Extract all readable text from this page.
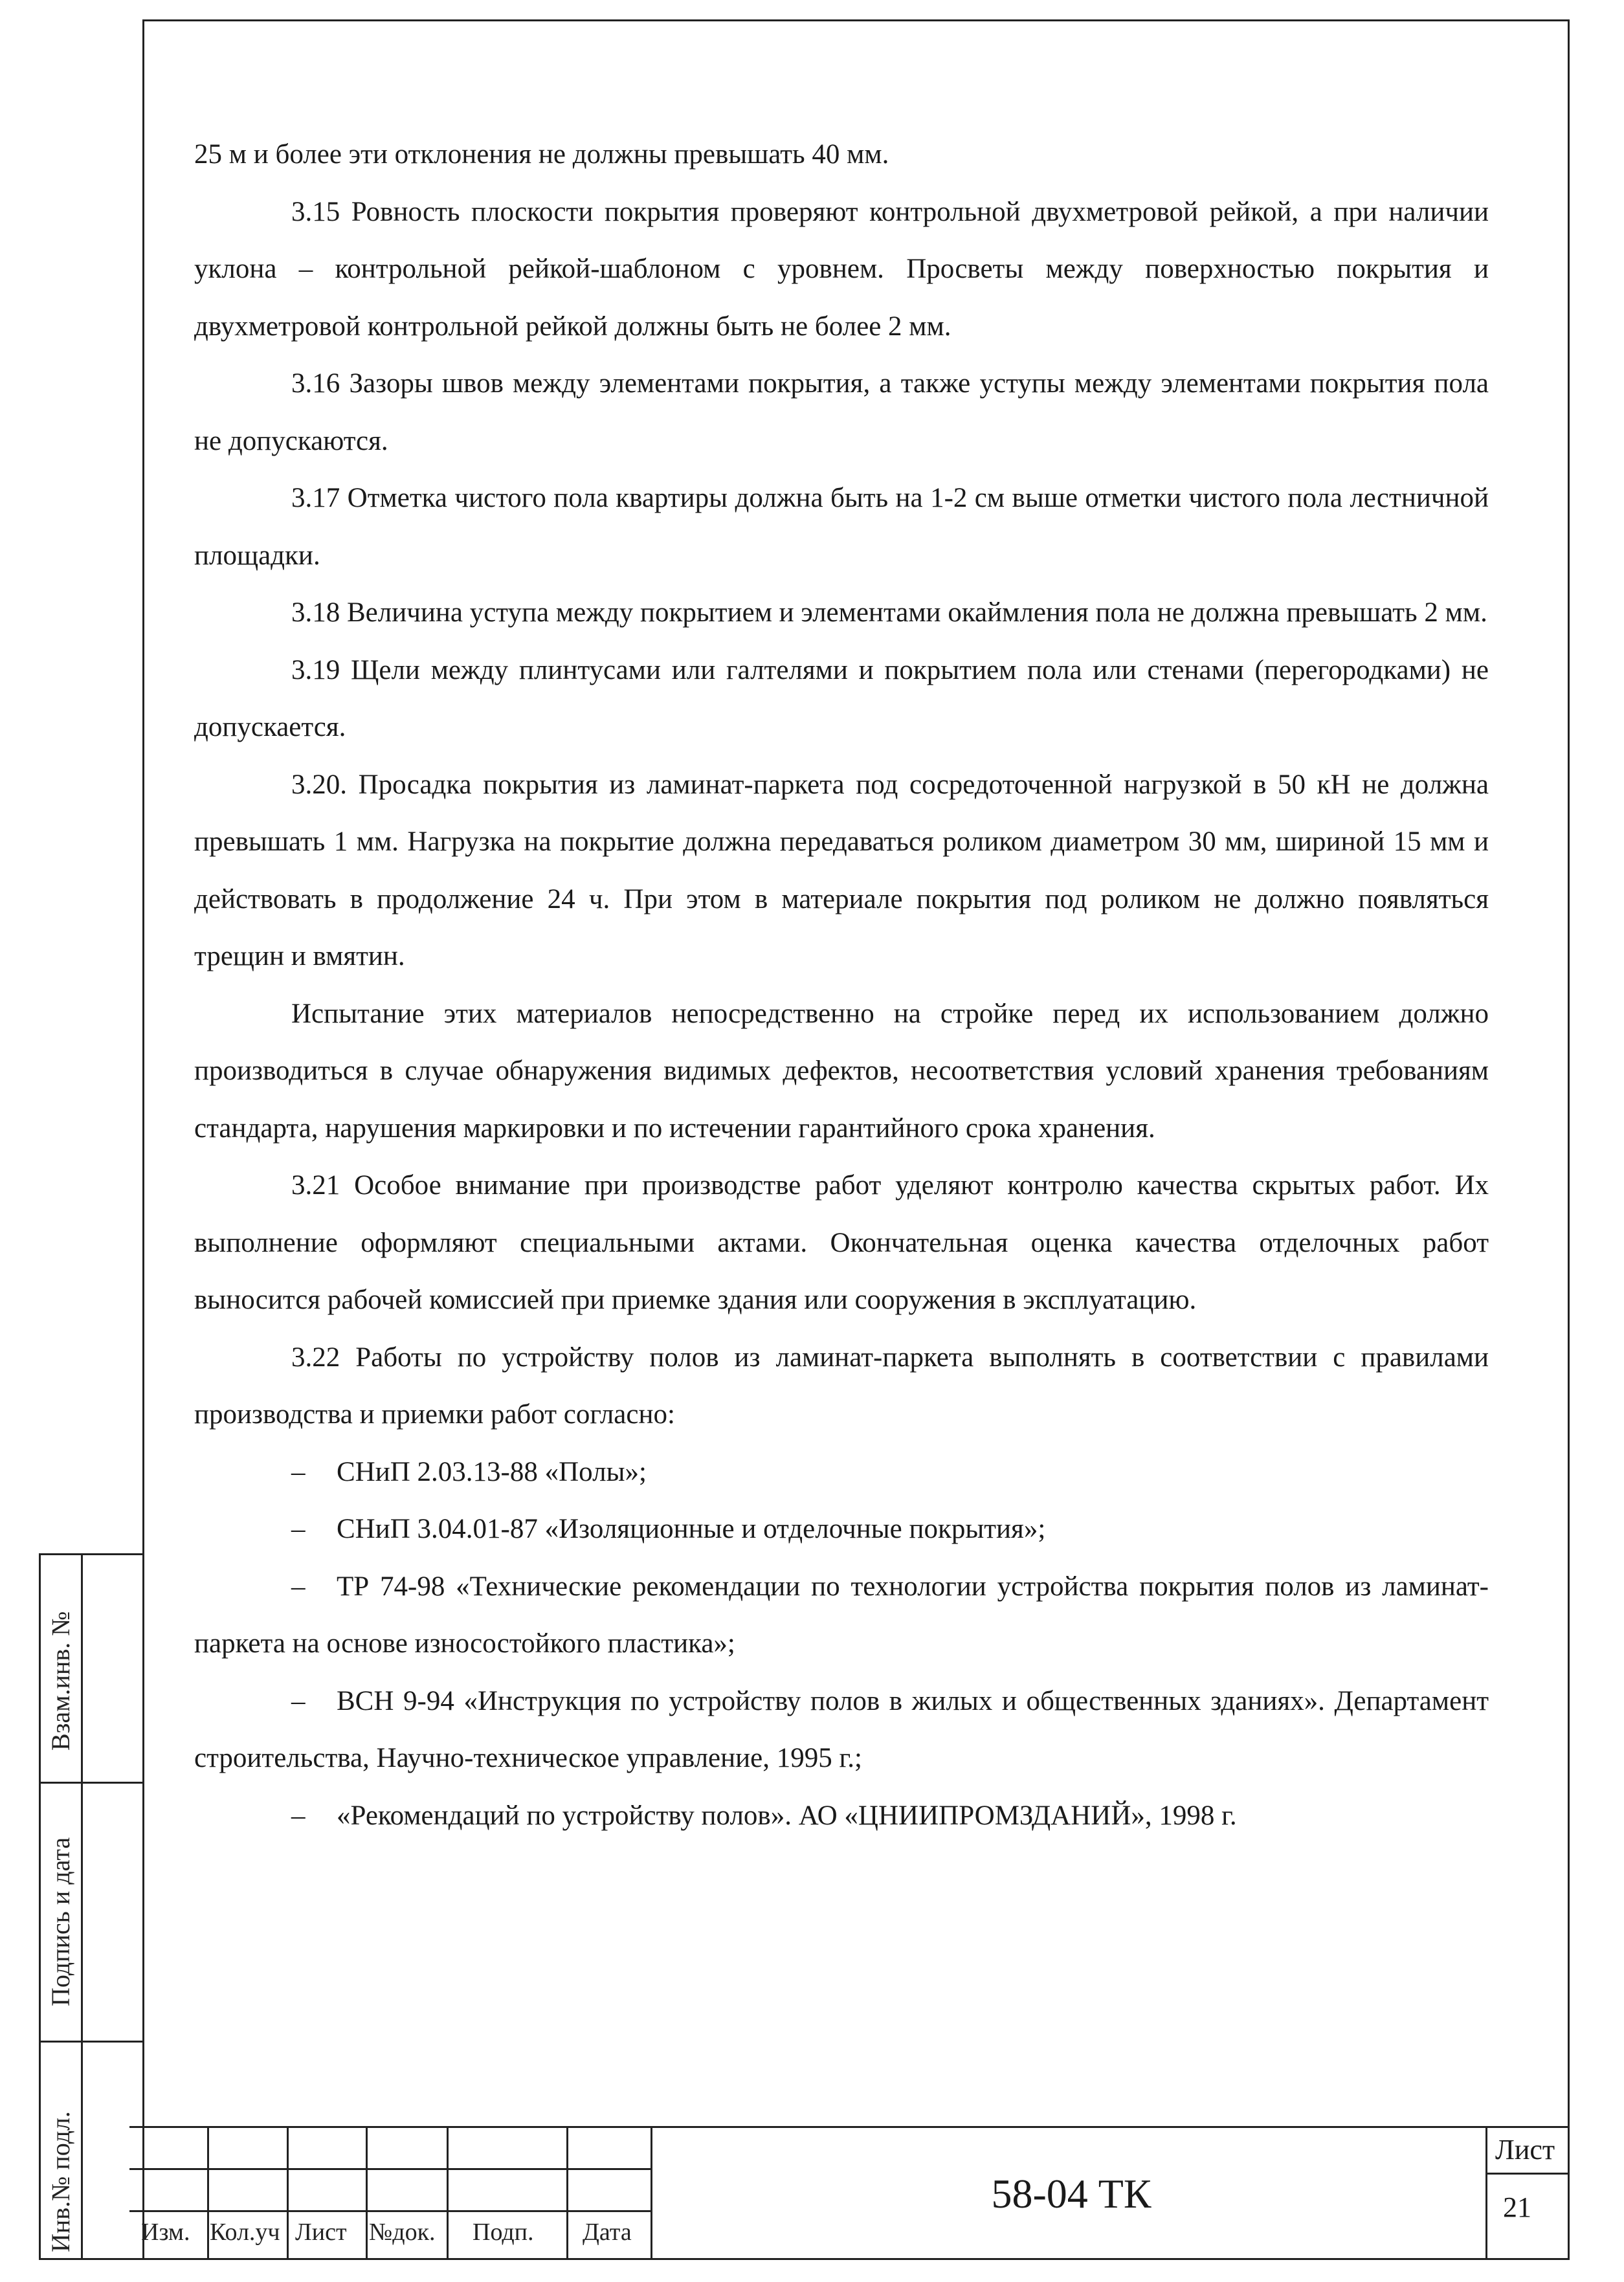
25 м и более эти отклонения не должны превышать 40 мм.

3.15 Ровность плоскости покрытия проверяют контрольной двухметровой рейкой, а при наличии уклона – контрольной рейкой-шаблоном с уровнем. Просветы между поверхностью покрытия и двухметровой контрольной рейкой должны быть не более 2 мм.

3.16 Зазоры швов между элементами покрытия, а также уступы между элементами покрытия пола не допускаются.

3.17 Отметка чистого пола квартиры должна быть на 1-2 см выше отметки чистого пола лестничной площадки.

3.18 Величина уступа между покрытием и элементами окаймления пола не должна превышать 2 мм.

3.19 Щели между плинтусами или галтелями и покрытием пола или стенами (перегородками) не допускается.

3.20. Просадка покрытия из ламинат-паркета под сосредоточенной нагрузкой в 50 кН не должна превышать 1 мм. Нагрузка на покрытие должна передаваться роликом диаметром 30 мм, шириной 15 мм и действовать в продолжение 24 ч. При этом в материале покрытия под роликом не должно появляться трещин и вмятин.

Испытание этих материалов непосредственно на стройке перед их использованием должно производиться в случае обнаружения видимых дефектов, несоответствия условий хранения требованиям стандарта, нарушения маркировки и по истечении гарантийного срока хранения.

3.21 Особое внимание при производстве работ уделяют контролю качества скрытых работ. Их выполнение оформляют специальными актами. Окончательная оценка качества отделочных работ выносится рабочей комиссией при приемке здания или сооружения в эксплуатацию.

3.22 Работы по устройству полов из ламинат-паркета выполнять в соответствии с правилами производства и приемки работ согласно:

– СНиП 2.03.13-88 «Полы»;

– СНиП 3.04.01-87 «Изоляционные и отделочные покрытия»;

– ТР 74-98 «Технические рекомендации по технологии устройства покрытия полов из ламинат-паркета на основе износостойкого пластика»;

– ВСН 9-94 «Инструкция по устройству полов в жилых и общественных зданиях». Департамент строительства, Научно-техническое управление, 1995 г.;

– «Рекомендаций по устройству полов». АО «ЦНИИПРОМЗДАНИЙ», 1998 г.

Взам.инв. №
Подпись и дата
Инв.№ подл.	Изм. Кол.уч Лист №док. Подп. Дата
58-04 ТК
Лист
21
